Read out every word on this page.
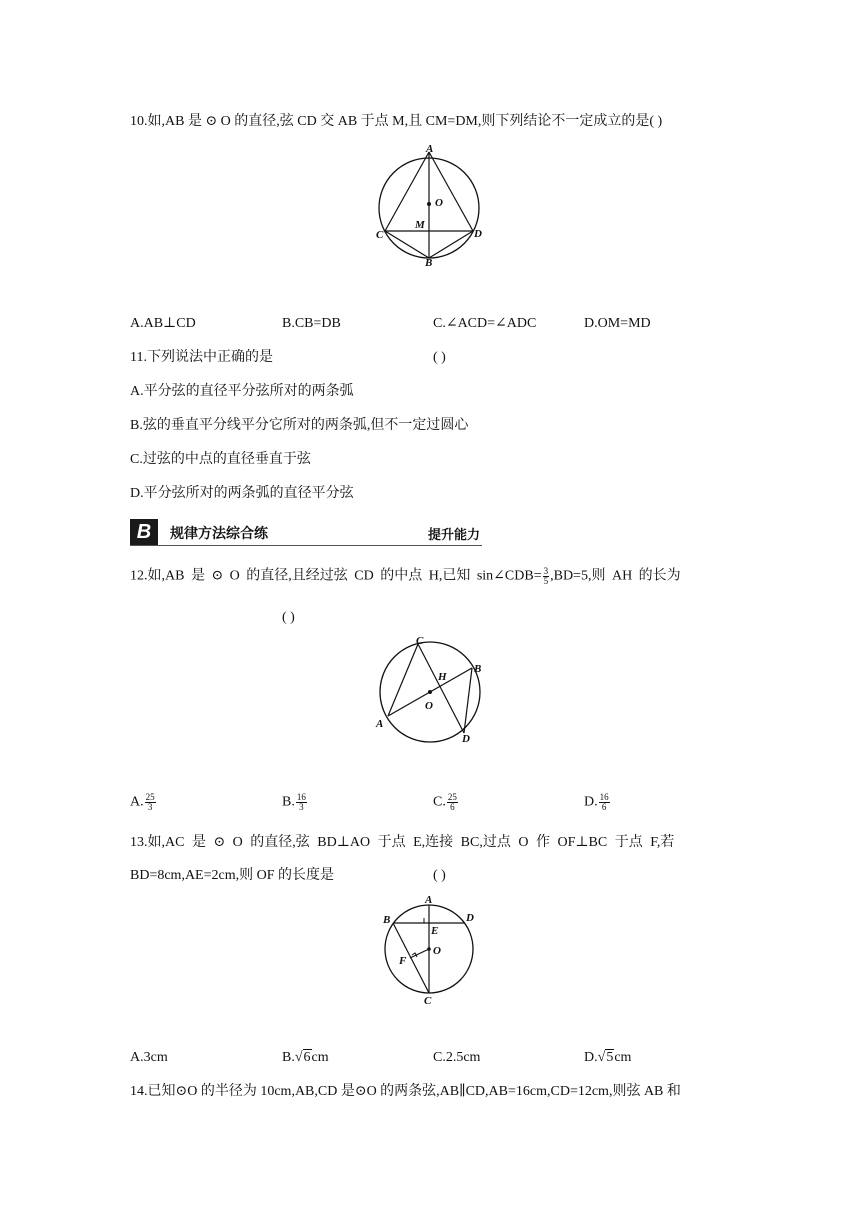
10.如,AB 是 ⊙ O 的直径,弦 CD 交 AB 于点 M,且 CM=DM,则下列结论不一定成立的是( )
A
O
M
C	D
B
A.AB⊥CD	B.CB=DB	C.∠ACD=∠ADC	D.OM=MD
11.下列说法中正确的是	( )
A.平分弦的直径平分弦所对的两条弧
B.弦的垂直平分线平分它所对的两条弧,但不一定过圆心
C.过弦的中点的直径垂直于弦
D.平分弦所对的两条弧的直径平分弦
B	规律方法综合练	提升能力
12.如,AB 是 ⊙ O 的直径,且经过弦 CD 的中点 H,已知 sin∠CDB= $\frac{3}{5} ,BD=5$,则 AH 的长为
( )
C
H
B
O
A
D
A. $\frac{25}{3}$	B. $\frac{16}{3}$	C. $\frac{25}{6}$	D. $\frac{16}{6}$
13.如,AC 是 ⊙ O 的直径,弦 BD⊥AO 于点 E,连接 BC,过点 O 作 OF⊥BC 于点 F,若
BD=8cm,AE=2cm,则 OF 的长度是	( )
A
B	D
E
O
F
C
A.3cm	B.√6cm	C.2.5cm	D.√5cm
14.已知⊙O 的半径为 10cm,AB,CD 是⊙O 的两条弦,AB∥CD,AB=16cm,CD=12cm,则弦 AB 和
